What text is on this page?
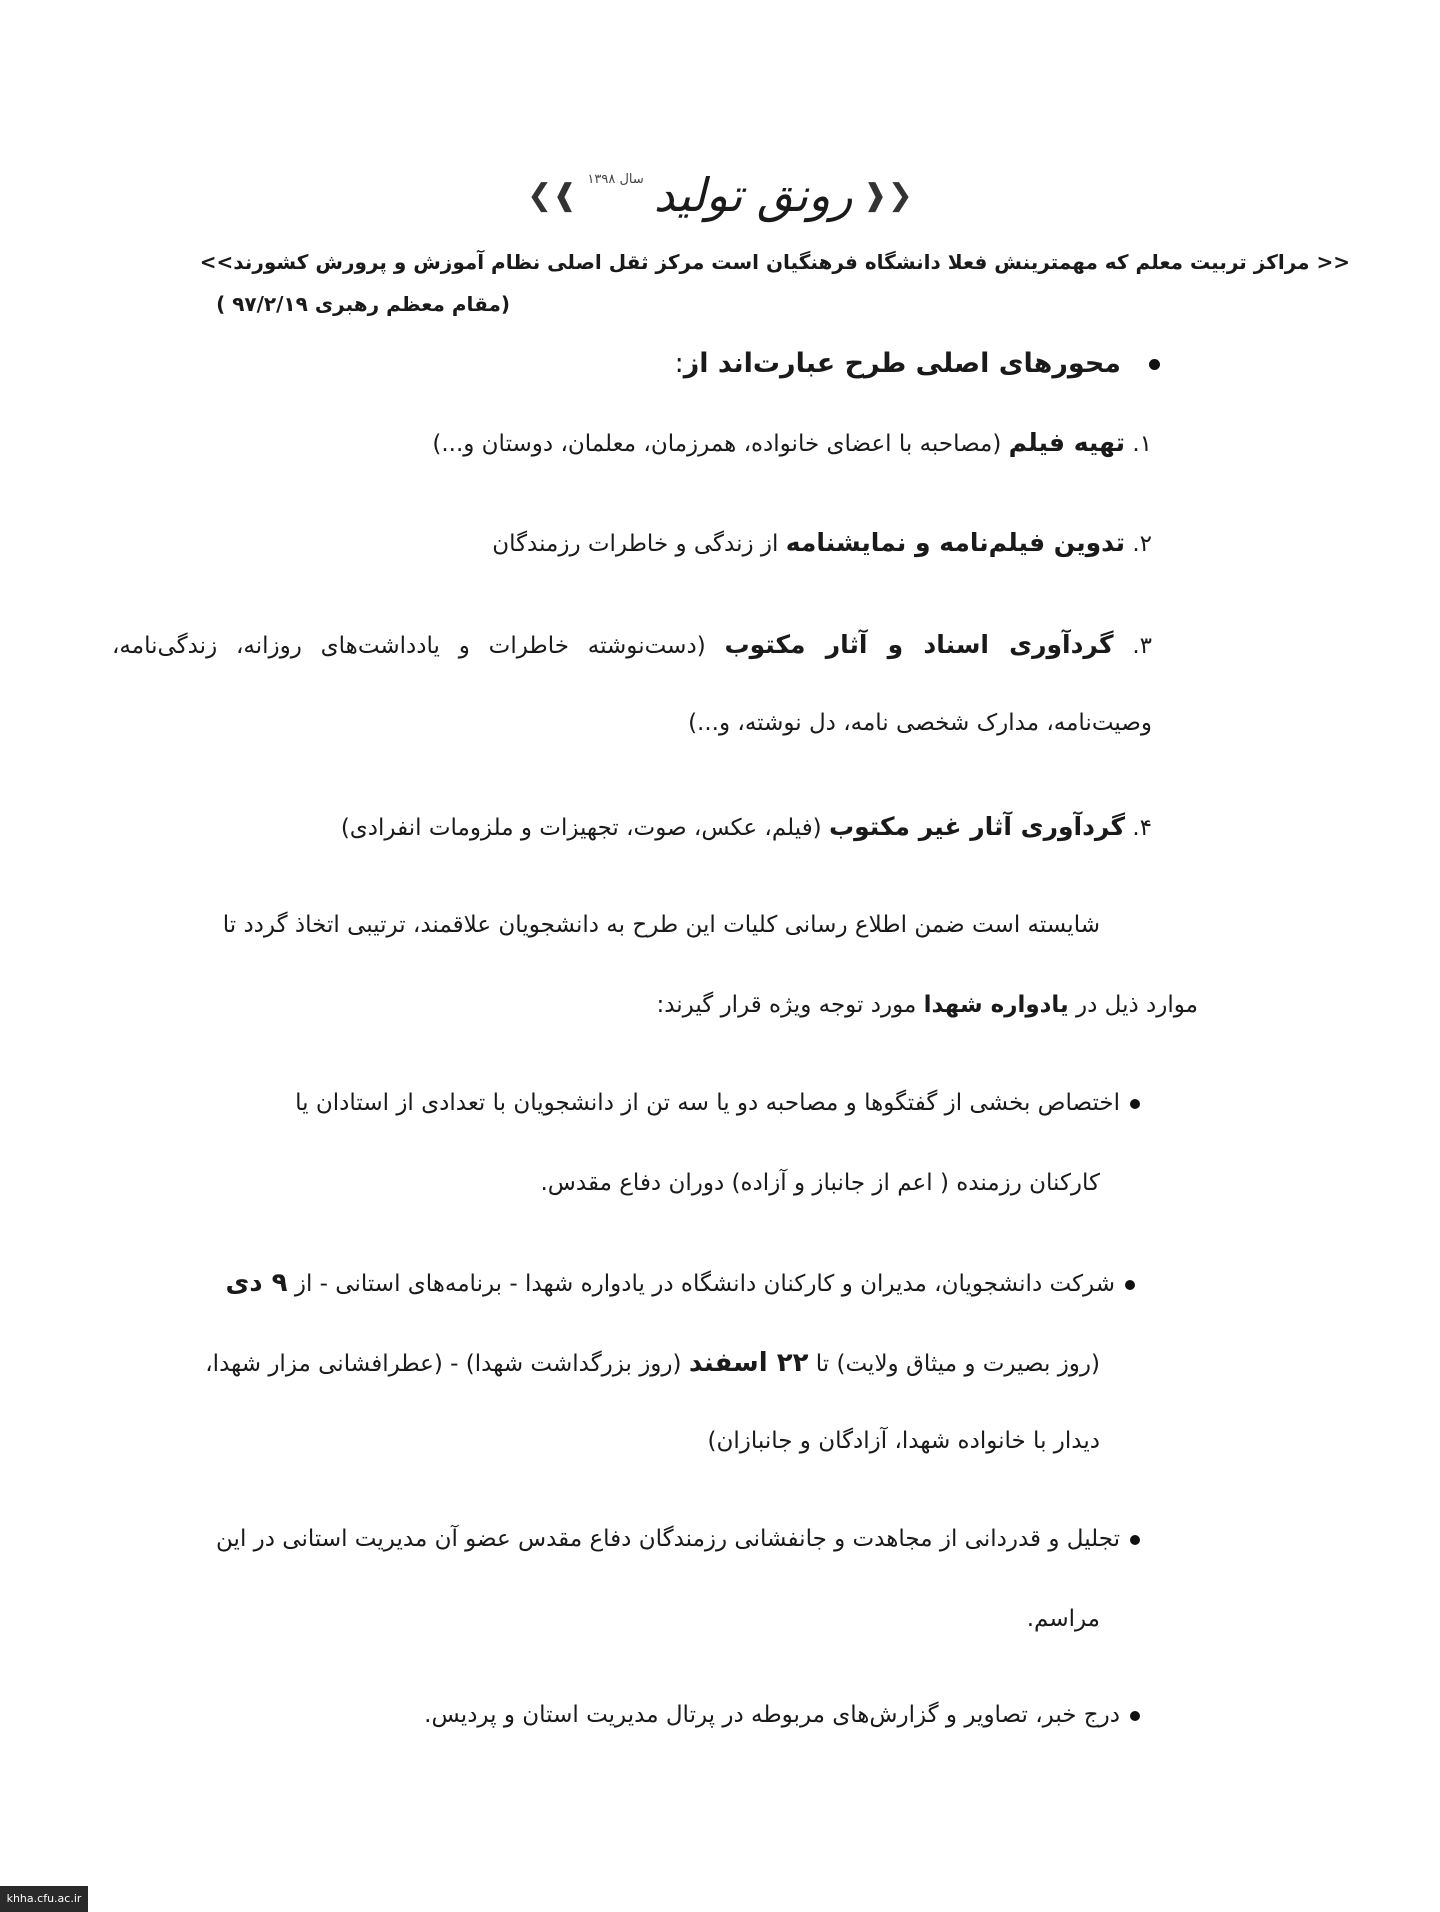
❮❰
رونق تولید
سال ۱۳۹۸
❱❯
<< مراکز تربیت معلم که مهمترینش فعلا دانشگاه فرهنگیان است مرکز ثقل اصلی نظام آموزش و پرورش کشورند>>
(مقام معظم رهبری ۹۷/۲/۱۹ )
محورهای اصلی طرح عبارت‌اند از:
۱. تهیه فیلم (مصاحبه با اعضای خانواده، همرزمان، معلمان، دوستان و...)
۲. تدوین فیلم‌نامه و نمایشنامه از زندگی و خاطرات رزمندگان
۳. گردآوری اسناد و آثار مکتوب (دست‌نوشته خاطرات و یادداشت‌های روزانه، زندگی‌نامه،
وصیت‌نامه، مدارک شخصی نامه، دل نوشته، و...)
۴. گردآوری آثار غیر مکتوب (فیلم، عکس، صوت، تجهیزات و ملزومات انفرادی)
شایسته است ضمن اطلاع رسانی کلیات این طرح به دانشجویان علاقمند، ترتیبی اتخاذ گردد تا
موارد ذیل در یادواره شهدا مورد توجه ویژه قرار گیرند:
اختصاص بخشی از گفتگوها و مصاحبه دو یا سه تن از دانشجویان با تعدادی از استادان یا
کارکنان رزمنده ( اعم از جانباز و آزاده) دوران دفاع مقدس.
شرکت دانشجویان، مدیران و کارکنان دانشگاه در یادواره شهدا - برنامه‌های استانی - از ۹ دی
(روز بصیرت و میثاق ولایت) تا ۲۲ اسفند (روز بزرگداشت شهدا) - (عطرافشانی مزار شهدا،
دیدار با خانواده شهدا، آزادگان و جانبازان)
تجلیل و قدردانی از مجاهدت و جانفشانی رزمندگان دفاع مقدس عضو آن مدیریت استانی در این
مراسم.
درج خبر، تصاویر و گزارش‌های مربوطه در پرتال مدیریت استان و پردیس.
khha.cfu.ac.ir
